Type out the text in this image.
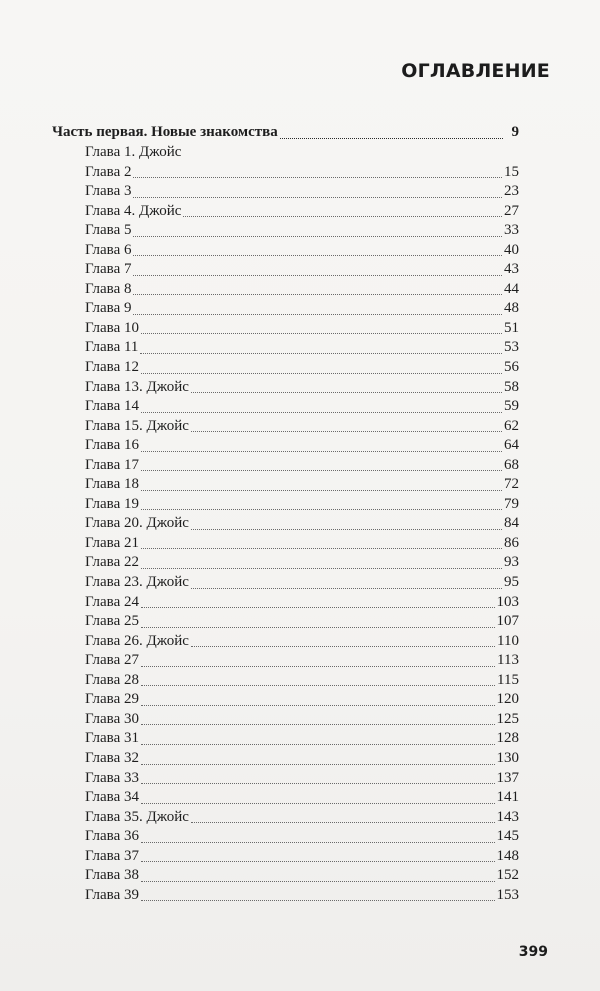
ОГЛАВЛЕНИЕ
Часть первая. Новые знакомства	9
Глава 1. Джойс
Глава 2	15
Глава 3	23
Глава 4. Джойс	27
Глава 5	33
Глава 6	40
Глава 7	43
Глава 8	44
Глава 9	48
Глава 10	51
Глава 11	53
Глава 12	56
Глава 13. Джойс	58
Глава 14	59
Глава 15. Джойс	62
Глава 16	64
Глава 17	68
Глава 18	72
Глава 19	79
Глава 20. Джойс	84
Глава 21	86
Глава 22	93
Глава 23. Джойс	95
Глава 24	103
Глава 25	107
Глава 26. Джойс	110
Глава 27	113
Глава 28	115
Глава 29	120
Глава 30	125
Глава 31	128
Глава 32	130
Глава 33	137
Глава 34	141
Глава 35. Джойс	143
Глава 36	145
Глава 37	148
Глава 38	152
Глава 39	153
399
